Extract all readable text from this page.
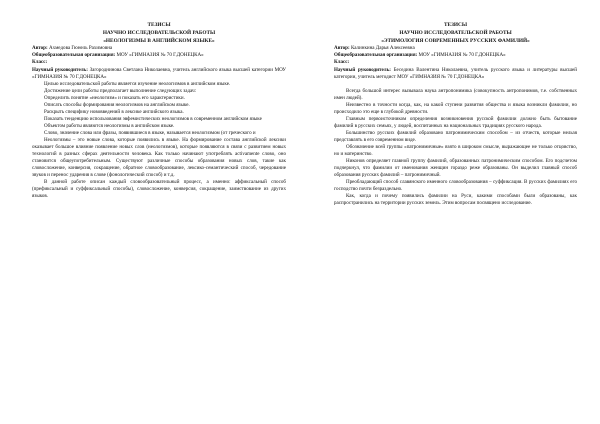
ТЕЗИСЫ
НАУЧНО ИССЛЕДОВАТЕЛЬСКОЙ РАБОТЫ
«НЕОЛОГИЗМЫ В АНГЛИЙСКОМ ЯЗЫКЕ»
Автор: Ахмедова Гюнель Рахимовна
Общеобразовательная организация: МОУ «ГИМНАЗИЯ № 70 Г.ДОНЕЦКА»
Класс:
Научный руководитель: Загороднинова Светлана Николаевна, учитель английского языка высшей категории МОУ «ГИМНАЗИЯ № 70 Г.ДОНЕЦКА»

Целью исследовательской работы является изучение неологизмов в английском языке.

Достижение цели работы предполагает выполнение следующих задач:

Определить понятие «неологизм» и показать его характеристики.

Описать способы формирования неологизмов на английском языке.

Раскрыть специфику нововведений в лексике английского языка.

Показать тенденцию использования эвфемистических неологизмов в современном английском языке

Объектом работы являются неологизмы в английском языке.

Слово, значение слова или фразы, появившиеся в языке, называется неологизмом (от греческого и

Неологизмы – это новые слова, которые появились в языке. На формирование состава английской лексики оказывает большое влияние появление новых слов (неологизмов), которые появляются в связи с развитием новых технологий в разных сферах деятельности человека. Как только начинают употреблять activamente слово, оно становится общеупотребительным. Существуют различные способы образования новых слов, такие как словосложение, конверсия, сокращение, обратное словообразование, лексико-семантический способ, чередование звуков и перенос ударения в слове (фонологический способ) и т.д.

В данной работе описан каждый словообразовательный процесс, а именно: аффиксальный способ (префиксальный и суффиксальный способы), словосложение, конверсия, сокращение, заимствование из других языков.

ТЕЗИСЫ
НАУЧНО ИССЛЕДОВАТЕЛЬСКОЙ РАБОТЫ
«ЭТИМОЛОГИЯ СОВРЕМЕННЫХ РУССКИХ ФАМИЛИЙ»
Автор: Калинкина Дарья Алексеевна
Общеобразовательная организация: МОУ «ГИМНАЗИЯ № 70 Г.ДОНЕЦКА»
Класс:
Научный руководитель: Беседина Валентина Николаевна, учитель русского языка и литературы высшей категории, учитель методист МОУ «ГИМНАЗИЯ № 70 Г.ДОНЕЦКА»

Всегда большой интерес вызывала наука антропонимика (совокупность антропонимов, т.е. собственных имен людей).

Неизвестно в точности когда, как, на какой ступени развития общества и языка возникли фамилии, но происходило это еще в глубокой древности.

Главным первоисточником определения возникновения русской фамилии должно быть бытование фамилий в русских семьях, у людей, воспитанных на национальных традициях русского народа.

Большинство русских фамилий образовано патронимическим способом – из отчеств, которые нельзя представлять в его современном виде.

Обозначение всей группы «патронимичные» взято в широком смысле, выражающее не только отцовство, но и материнство.

Никонов определяет главной группу фамилий, образованных патронимическим способом. Его подсчетом подчеркнул, что фамилии от именования женщин гораздо реже образованы. Он выделил главный способ образования русских фамилий – патронимичный.

Преобладающий способ славянского именного словообразования – суффиксация. В русских фамилиях его господство почти безраздельно.

Как, когда и почему появились фамилии на Руси, какими способами были образованы, как распространились на территории русских земель. Этим вопросам посвящено исследование.
